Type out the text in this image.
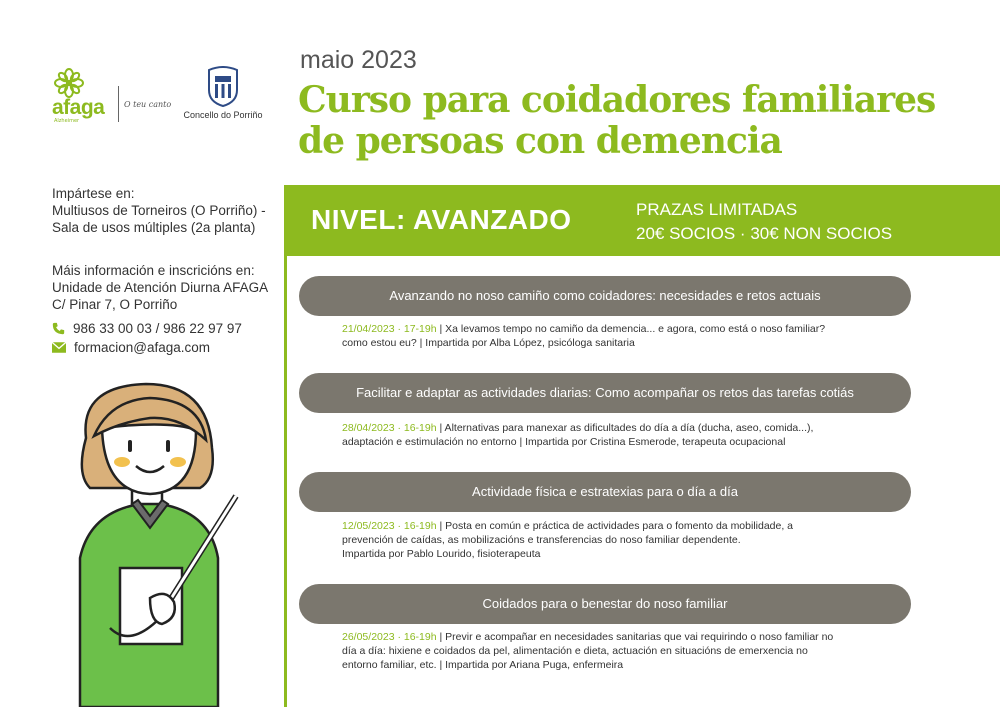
afaga
Alzheimer
O teu canto
Concello do Porriño
maio 2023
Curso para coidadores familiares
de persoas con demencia
Impártese en:
Multiusos de Torneiros (O Porriño) -
Sala de usos múltiples (2a planta)
Máis información e inscricións en:
Unidade de Atención Diurna AFAGA
C/ Pinar 7, O Porriño
986 33 00 03 / 986 22 97 97
formacion@afaga.com
NIVEL: AVANZADO	PRAZAS LIMITADAS
20€ SOCIOS · 30€ NON SOCIOS
Avanzando no noso camiño como coidadores: necesidades e retos actuais
21/04/2023 · 17-19h | Xa levamos tempo no camiño da demencia... e agora, como está o noso familiar?
como estou eu? | Impartida por Alba López, psicóloga sanitaria
Facilitar e adaptar as actividades diarias: Como acompañar os retos das tarefas cotiás
28/04/2023 · 16-19h | Alternativas para manexar as dificultades do día a día (ducha, aseo, comida...),
adaptación e estimulación no entorno | Impartida por Cristina Esmerode, terapeuta ocupacional
Actividade física e estratexias para o día a día
12/05/2023 · 16-19h | Posta en común e práctica de actividades para o fomento da mobilidade, a
prevención de caídas, as mobilizacións e transferencias do noso familiar dependente.
Impartida por Pablo Lourido, fisioterapeuta
Coidados para o benestar do noso familiar
26/05/2023 · 16-19h | Previr e acompañar en necesidades sanitarias que vai requirindo o noso familiar no
día a día: hixiene e coidados da pel, alimentación e dieta, actuación en situacións de emerxencia no
entorno familiar, etc. | Impartida por Ariana Puga, enfermeira
